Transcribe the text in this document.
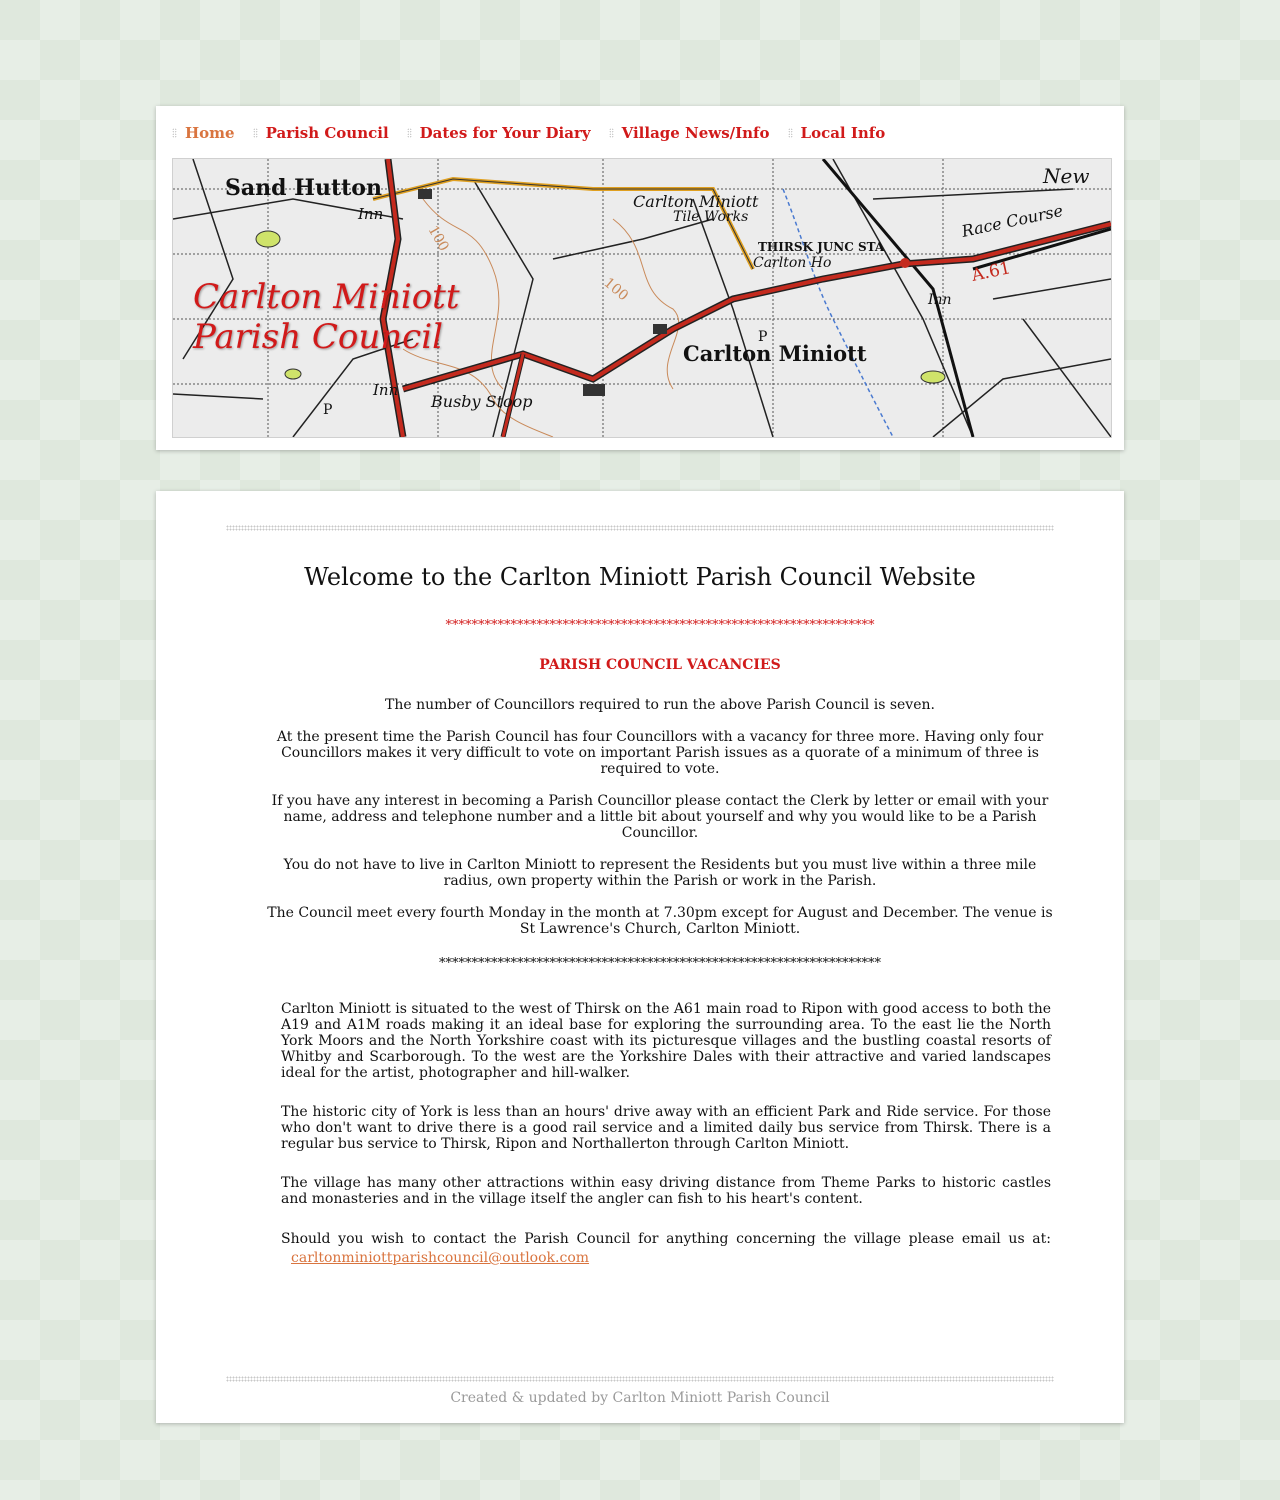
Home Parish Council Dates for Your Diary Village News/Info Local Info
Sand Hutton
Inn
Carlton Miniott
Tile Works
THIRSK JUNC STA
Carlton Ho
Race Course
A.61
Carlton Miniott
Inn
Busby Stoop
Inn
100
100
P
P
New
Carlton Miniott
Parish Council
Welcome to the Carlton Miniott Parish Council Website
******************************************************************
PARISH COUNCIL VACANCIES
The number of Councillors required to run the above Parish Council is seven.
At the present time the Parish Council has four Councillors with a vacancy for three more. Having only four Councillors makes it very difficult to vote on important Parish issues as a quorate of a minimum of three is required to vote.
If you have any interest in becoming a Parish Councillor please contact the Clerk by letter or email with your name, address and telephone number and a little bit about yourself and why you would like to be a Parish Councillor.
You do not have to live in Carlton Miniott to represent the Residents but you must live within a three mile radius, own property within the Parish or work in the Parish.
The Council meet every fourth Monday in the month at 7.30pm except for August and December. The venue is St Lawrence's Church, Carlton Miniott.
********************************************************************

Carlton Miniott is situated to the west of Thirsk on the A61 main road to Ripon with good access to both the A19 and A1M roads making it an ideal base for exploring the surrounding area. To the east lie the North York Moors and the North Yorkshire coast with its picturesque villages and the bustling coastal resorts of Whitby and Scarborough. To the west are the Yorkshire Dales with their attractive and varied landscapes ideal for the artist, photographer and hill-walker.

The historic city of York is less than an hours' drive away with an efficient Park and Ride service. For those who don't want to drive there is a good rail service and a limited daily bus service from Thirsk. There is a regular bus service to Thirsk, Ripon and Northallerton through Carlton Miniott.

The village has many other attractions within easy driving distance from Theme Parks to historic castles and monasteries and in the village itself the angler can fish to his heart's content.

Should you wish to contact the Parish Council for anything concerning the village please email us at: carltonminiottparishcouncil@outlook.com

Created & updated by Carlton Miniott Parish Council
